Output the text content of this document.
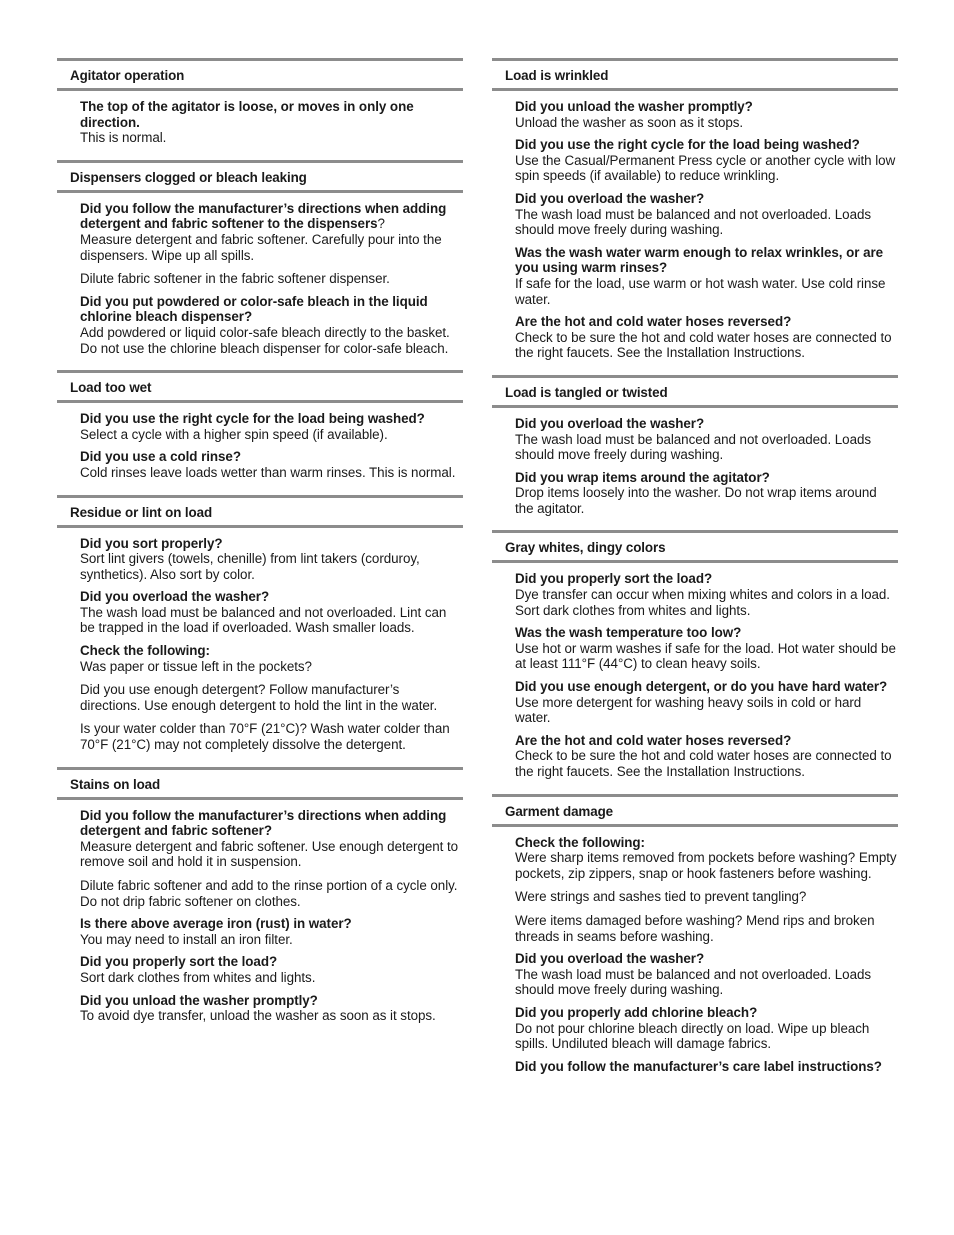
Agitator operation
The top of the agitator is loose, or moves in only one direction.

This is normal.

Dispensers clogged or bleach leaking
Did you follow the manufacturer’s directions when adding detergent and fabric softener to the dispensers?

Measure detergent and fabric softener. Carefully pour into the dispensers. Wipe up all spills.

Dilute fabric softener in the fabric softener dispenser.

Did you put powdered or color-safe bleach in the liquid chlorine bleach dispenser?

Add powdered or liquid color-safe bleach directly to the basket. Do not use the chlorine bleach dispenser for color-safe bleach.

Load too wet
Did you use the right cycle for the load being washed?

Select a cycle with a higher spin speed (if available).

Did you use a cold rinse?

Cold rinses leave loads wetter than warm rinses. This is normal.

Residue or lint on load
Did you sort properly?

Sort lint givers (towels, chenille) from lint takers (corduroy, synthetics). Also sort by color.

Did you overload the washer?

The wash load must be balanced and not overloaded. Lint can be trapped in the load if overloaded. Wash smaller loads.

Check the following:

Was paper or tissue left in the pockets?

Did you use enough detergent? Follow manufacturer’s directions. Use enough detergent to hold the lint in the water.

Is your water colder than 70°F (21°C)? Wash water colder than 70°F (21°C) may not completely dissolve the detergent.

Stains on load
Did you follow the manufacturer’s directions when adding detergent and fabric softener?

Measure detergent and fabric softener. Use enough detergent to remove soil and hold it in suspension.

Dilute fabric softener and add to the rinse portion of a cycle only. Do not drip fabric softener on clothes.

Is there above average iron (rust) in water?

You may need to install an iron filter.

Did you properly sort the load?

Sort dark clothes from whites and lights.

Did you unload the washer promptly?

To avoid dye transfer, unload the washer as soon as it stops.

Load is wrinkled
Did you unload the washer promptly?

Unload the washer as soon as it stops.

Did you use the right cycle for the load being washed?

Use the Casual/Permanent Press cycle or another cycle with low spin speeds (if available) to reduce wrinkling.

Did you overload the washer?

The wash load must be balanced and not overloaded. Loads should move freely during washing.

Was the wash water warm enough to relax wrinkles, or are you using warm rinses?

If safe for the load, use warm or hot wash water. Use cold rinse water.

Are the hot and cold water hoses reversed?

Check to be sure the hot and cold water hoses are connected to the right faucets. See the Installation Instructions.

Load is tangled or twisted
Did you overload the washer?

The wash load must be balanced and not overloaded. Loads should move freely during washing.

Did you wrap items around the agitator?

Drop items loosely into the washer. Do not wrap items around the agitator.

Gray whites, dingy colors
Did you properly sort the load?

Dye transfer can occur when mixing whites and colors in a load. Sort dark clothes from whites and lights.

Was the wash temperature too low?

Use hot or warm washes if safe for the load. Hot water should be at least 111°F (44°C) to clean heavy soils.

Did you use enough detergent, or do you have hard water?

Use more detergent for washing heavy soils in cold or hard water.

Are the hot and cold water hoses reversed?

Check to be sure the hot and cold water hoses are connected to the right faucets. See the Installation Instructions.

Garment damage
Check the following:

Were sharp items removed from pockets before washing? Empty pockets, zip zippers, snap or hook fasteners before washing.

Were strings and sashes tied to prevent tangling?

Were items damaged before washing? Mend rips and broken threads in seams before washing.

Did you overload the washer?

The wash load must be balanced and not overloaded. Loads should move freely during washing.

Did you properly add chlorine bleach?

Do not pour chlorine bleach directly on load. Wipe up bleach spills. Undiluted bleach will damage fabrics.

Did you follow the manufacturer’s care label instructions?
